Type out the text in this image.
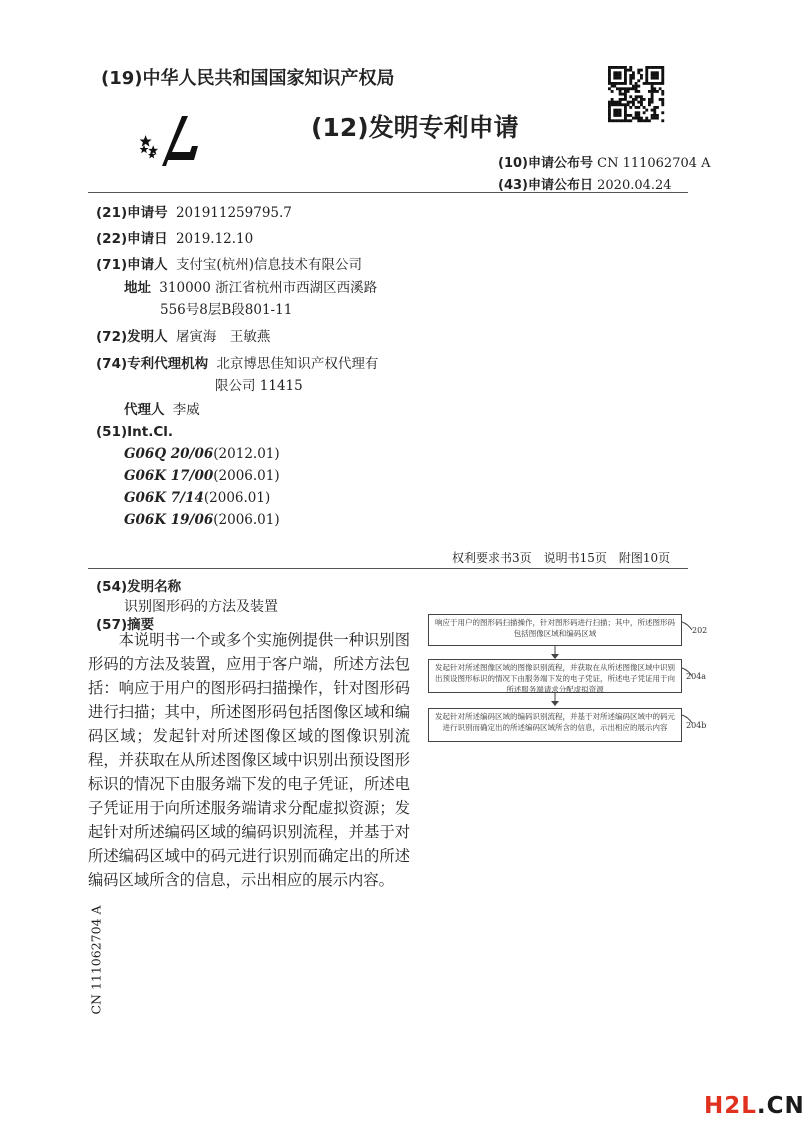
(19)中华人民共和国国家知识产权局
(12)发明专利申请
(10)申请公布号 CN 111062704 A
(43)申请公布日 2020.04.24
(21)申请号 201911259795.7
(22)申请日 2019.12.10
(71)申请人 支付宝(杭州)信息技术有限公司
地址 310000 浙江省杭州市西湖区西溪路
556号8层B段801-11
(72)发明人 屠寅海　王敏燕
(74)专利代理机构 北京博思佳知识产权代理有
限公司 11415
代理人 李威
(51)Int.Cl.
G06Q 20/06(2012.01)
G06K 17/00(2006.01)
G06K 7/14(2006.01)
G06K 19/06(2006.01)
权利要求书3页　说明书15页　附图10页
(54)发明名称
识别图形码的方法及装置
(57)摘要
本说明书一个或多个实施例提供一种识别图形码的方法及装置，应用于客户端，所述方法包括：响应于用户的图形码扫描操作，针对图形码进行扫描；其中，所述图形码包括图像区域和编码区域；发起针对所述图像区域的图像识别流程，并获取在从所述图像区域中识别出预设图形标识的情况下由服务端下发的电子凭证，所述电子凭证用于向所述服务端请求分配虚拟资源；发起针对所述编码区域的编码识别流程，并基于对所述编码区域中的码元进行识别而确定出的所述编码区域所含的信息，示出相应的展示内容。
响应于用户的图形码扫描操作，针对图形码进行扫描；其中，所述图形码包括图像区域和编码区域	202
发起针对所述图像区域的图像识别流程，并获取在从所述图像区域中识别出预设图形标识的情况下由服务端下发的电子凭证，所述电子凭证用于向所述服务端请求分配虚拟资源
204a
发起针对所述编码区域的编码识别流程，并基于对所述编码区域中的码元进行识别而确定出的所述编码区域所含的信息，示出相应的展示内容	204b
CN 111062704 A
H2L.CN
